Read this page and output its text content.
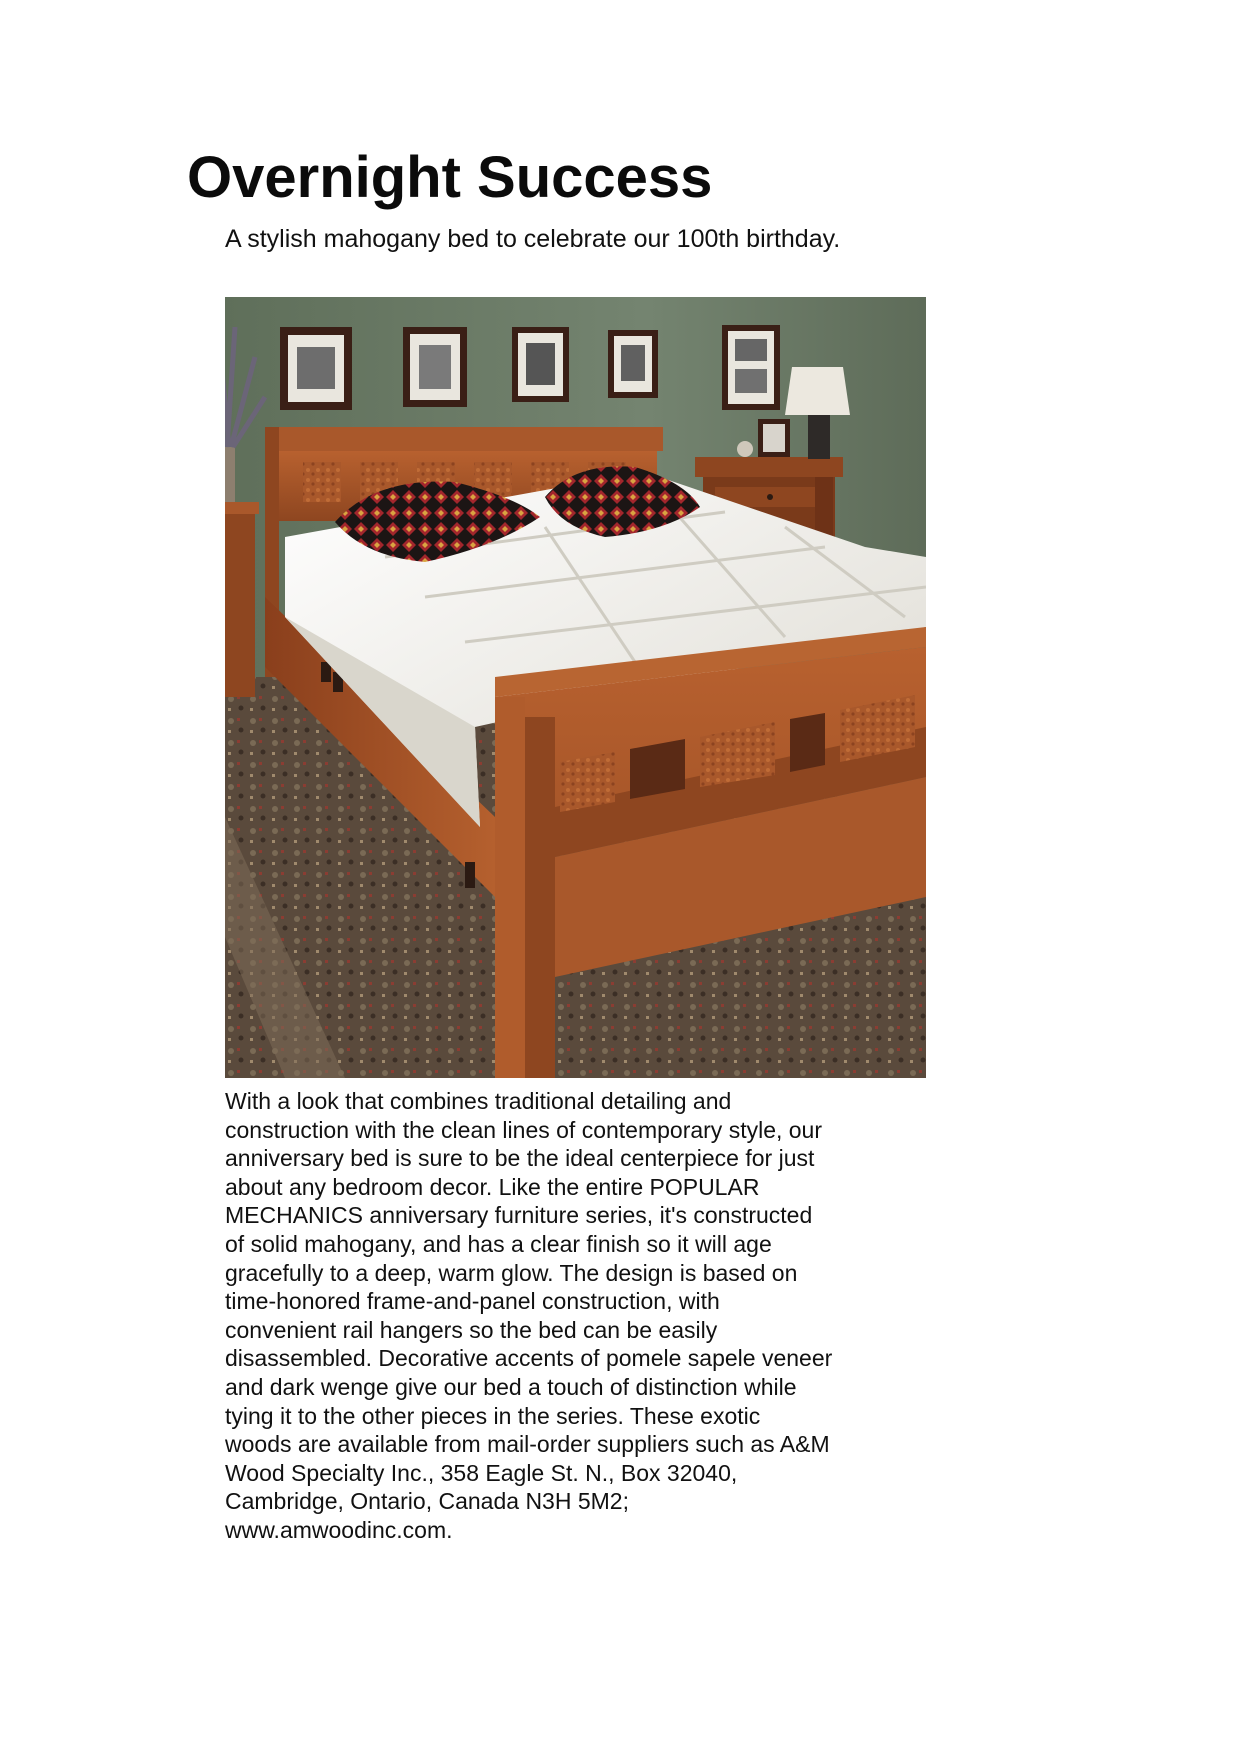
Overnight Success

A stylish mahogany bed to celebrate our 100th birthday.

With a look that combines traditional detailing and
construction with the clean lines of contemporary style, our
anniversary bed is sure to be the ideal centerpiece for just
about any bedroom decor. Like the entire POPULAR
MECHANICS anniversary furniture series, it's constructed
of solid mahogany, and has a clear finish so it will age
gracefully to a deep, warm glow. The design is based on
time-honored frame-and-panel construction, with
convenient rail hangers so the bed can be easily
disassembled. Decorative accents of pomele sapele veneer
and dark wenge give our bed a touch of distinction while
tying it to the other pieces in the series. These exotic
woods are available from mail-order suppliers such as A&M
Wood Specialty Inc., 358 Eagle St. N., Box 32040,
Cambridge, Ontario, Canada N3H 5M2;
www.amwoodinc.com.
